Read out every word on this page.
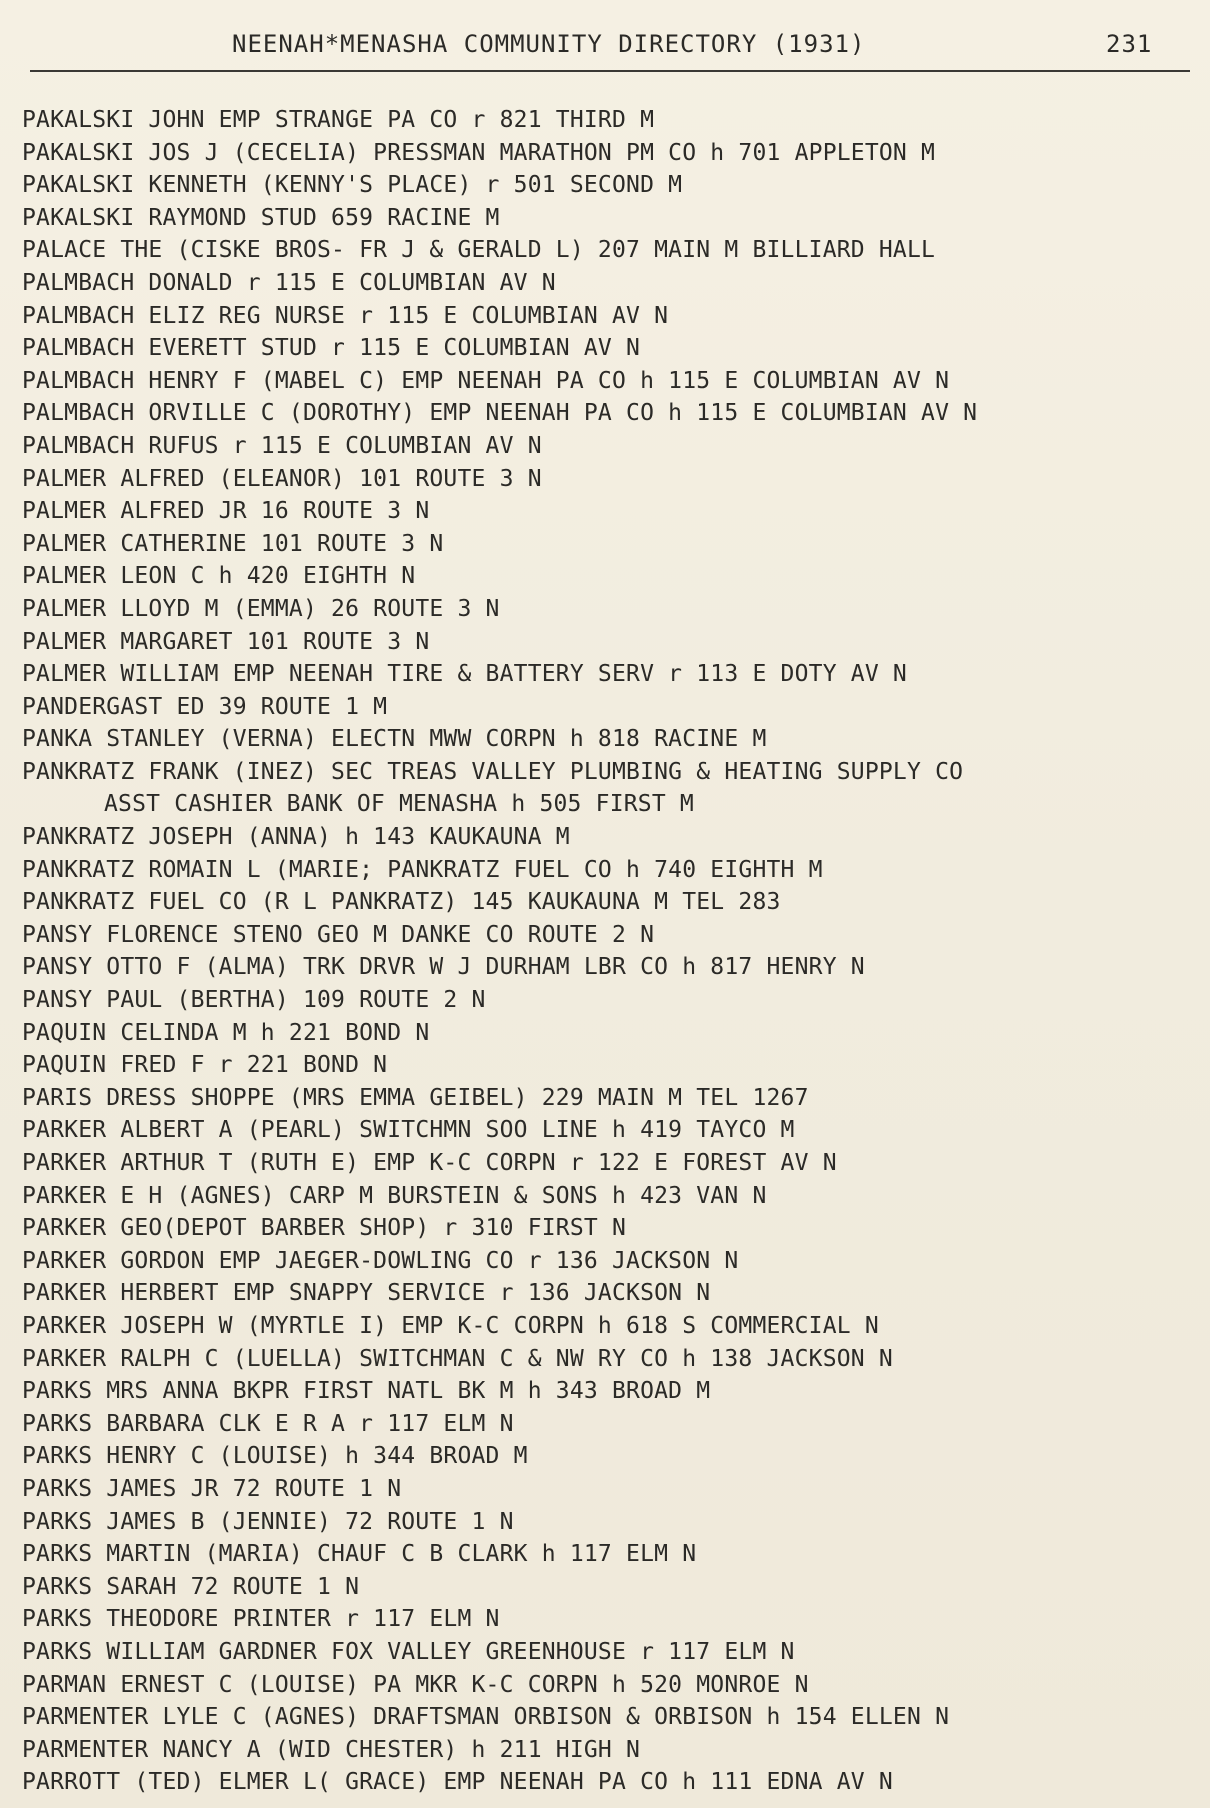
NEENAH*MENASHA COMMUNITY DIRECTORY (1931)	231
PAKALSKI JOHN EMP STRANGE PA CO r 821 THIRD M
PAKALSKI JOS J (CECELIA) PRESSMAN MARATHON PM CO h 701 APPLETON M
PAKALSKI KENNETH (KENNY'S PLACE) r 501 SECOND M
PAKALSKI RAYMOND STUD 659 RACINE M
PALACE THE (CISKE BROS- FR J & GERALD L) 207 MAIN M BILLIARD HALL
PALMBACH DONALD r 115 E COLUMBIAN AV N
PALMBACH ELIZ REG NURSE r 115 E COLUMBIAN AV N
PALMBACH EVERETT STUD r 115 E COLUMBIAN AV N
PALMBACH HENRY F (MABEL C) EMP NEENAH PA CO h 115 E COLUMBIAN AV N
PALMBACH ORVILLE C (DOROTHY) EMP NEENAH PA CO h 115 E COLUMBIAN AV N
PALMBACH RUFUS r 115 E COLUMBIAN AV N
PALMER ALFRED (ELEANOR) 101 ROUTE 3 N
PALMER ALFRED JR 16 ROUTE 3 N
PALMER CATHERINE 101 ROUTE 3 N
PALMER LEON C h 420 EIGHTH N
PALMER LLOYD M (EMMA) 26 ROUTE 3 N
PALMER MARGARET 101 ROUTE 3 N
PALMER WILLIAM EMP NEENAH TIRE & BATTERY SERV r 113 E DOTY AV N
PANDERGAST ED 39 ROUTE 1 M
PANKA STANLEY (VERNA) ELECTN MWW CORPN h 818 RACINE M
PANKRATZ FRANK (INEZ) SEC TREAS VALLEY PLUMBING & HEATING SUPPLY CO
ASST CASHIER BANK OF MENASHA h 505 FIRST M
PANKRATZ JOSEPH (ANNA) h 143 KAUKAUNA M
PANKRATZ ROMAIN L (MARIE; PANKRATZ FUEL CO h 740 EIGHTH M
PANKRATZ FUEL CO (R L PANKRATZ) 145 KAUKAUNA M TEL 283
PANSY FLORENCE STENO GEO M DANKE CO ROUTE 2 N
PANSY OTTO F (ALMA) TRK DRVR W J DURHAM LBR CO h 817 HENRY N
PANSY PAUL (BERTHA) 109 ROUTE 2 N
PAQUIN CELINDA M h 221 BOND N
PAQUIN FRED F r 221 BOND N
PARIS DRESS SHOPPE (MRS EMMA GEIBEL) 229 MAIN M TEL 1267
PARKER ALBERT A (PEARL) SWITCHMN SOO LINE h 419 TAYCO M
PARKER ARTHUR T (RUTH E) EMP K-C CORPN r 122 E FOREST AV N
PARKER E H (AGNES) CARP M BURSTEIN & SONS h 423 VAN N
PARKER GEO(DEPOT BARBER SHOP) r 310 FIRST N
PARKER GORDON EMP JAEGER-DOWLING CO r 136 JACKSON N
PARKER HERBERT EMP SNAPPY SERVICE r 136 JACKSON N
PARKER JOSEPH W (MYRTLE I) EMP K-C CORPN h 618 S COMMERCIAL N
PARKER RALPH C (LUELLA) SWITCHMAN C & NW RY CO h 138 JACKSON N
PARKS MRS ANNA BKPR FIRST NATL BK M h 343 BROAD M
PARKS BARBARA CLK E R A r 117 ELM N
PARKS HENRY C (LOUISE) h 344 BROAD M
PARKS JAMES JR 72 ROUTE 1 N
PARKS JAMES B (JENNIE) 72 ROUTE 1 N
PARKS MARTIN (MARIA) CHAUF C B CLARK h 117 ELM N
PARKS SARAH 72 ROUTE 1 N
PARKS THEODORE PRINTER r 117 ELM N
PARKS WILLIAM GARDNER FOX VALLEY GREENHOUSE r 117 ELM N
PARMAN ERNEST C (LOUISE) PA MKR K-C CORPN h 520 MONROE N
PARMENTER LYLE C (AGNES) DRAFTSMAN ORBISON & ORBISON h 154 ELLEN N
PARMENTER NANCY A (WID CHESTER) h 211 HIGH N
PARROTT (TED) ELMER L( GRACE) EMP NEENAH PA CO h 111 EDNA AV N
